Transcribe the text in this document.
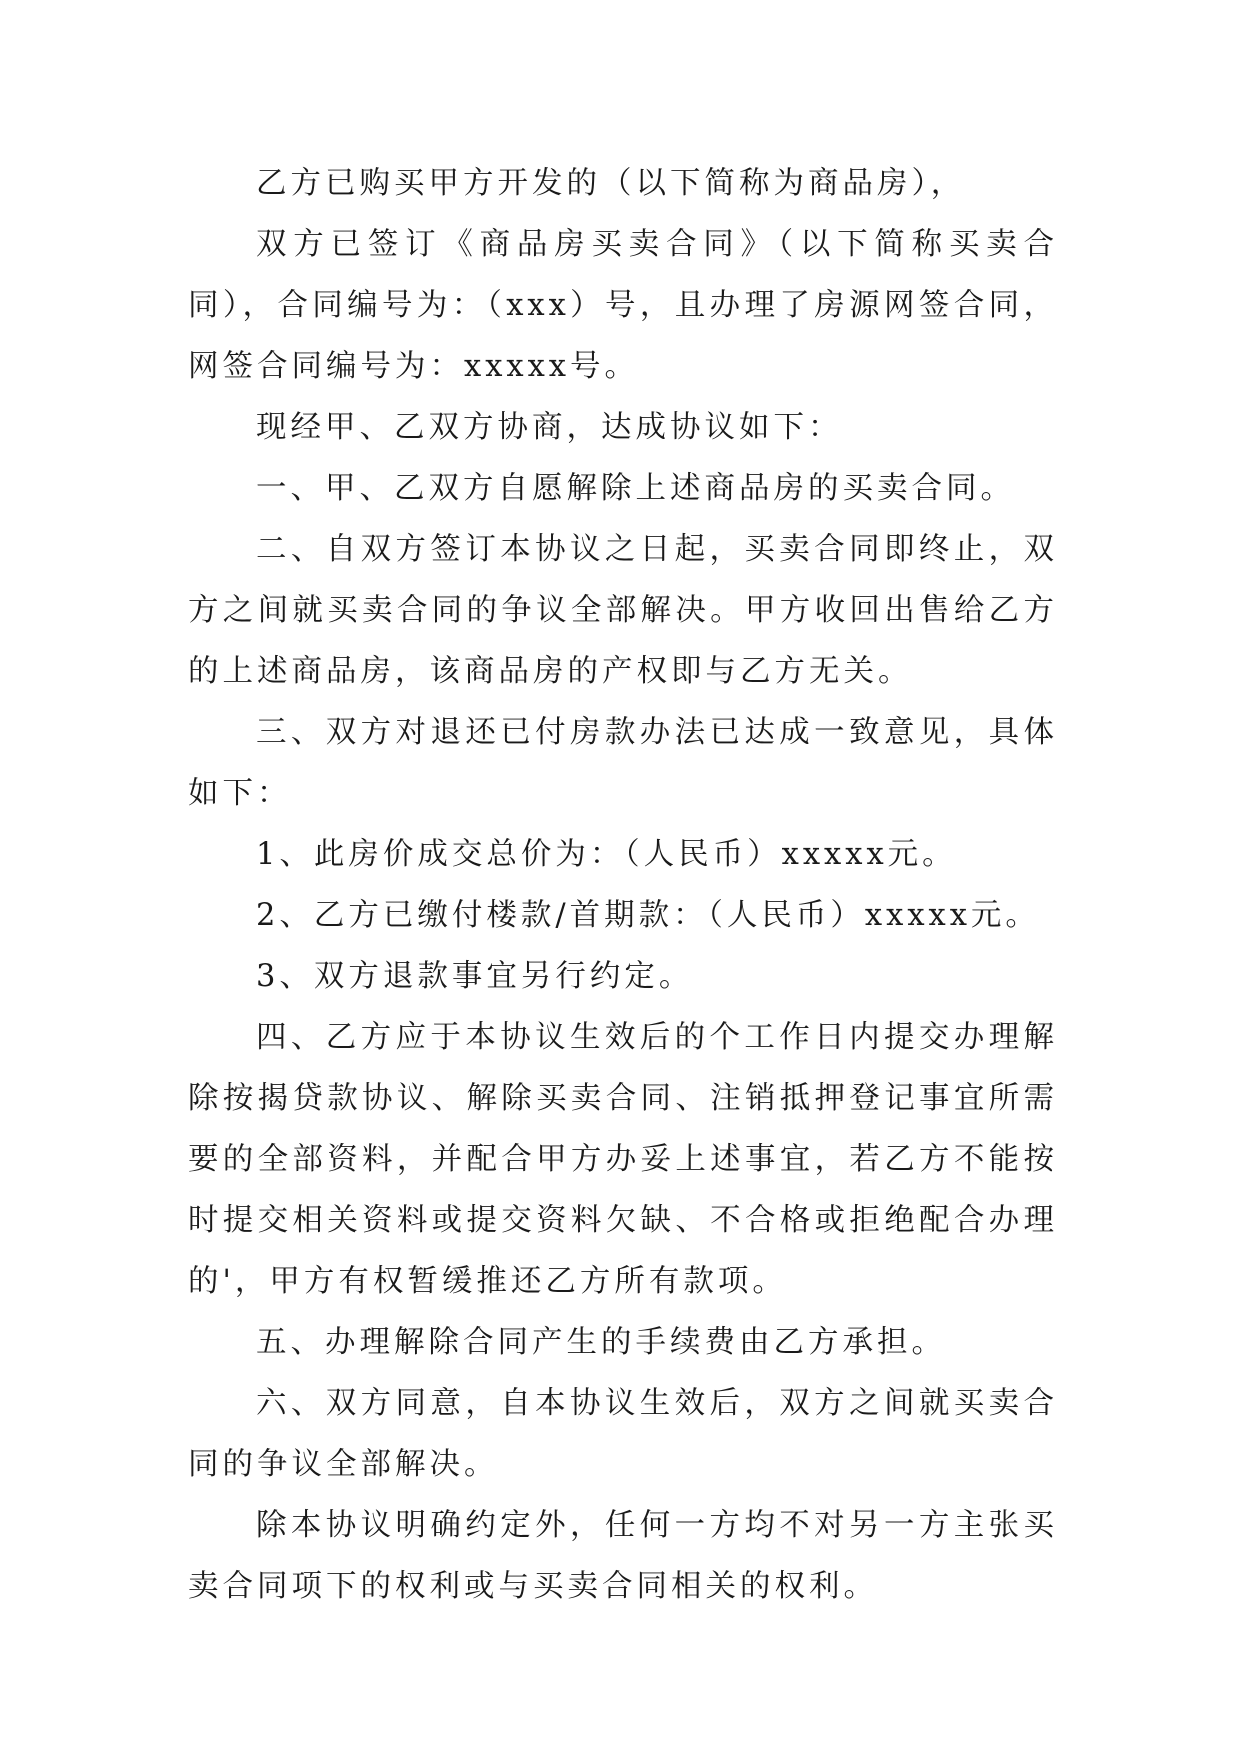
乙方已购买甲方开发的（以下简称为商品房），

双方已签订《商品房买卖合同》（以下简称买卖合同），合同编号为：（xxx）号，且办理了房源网签合同，网签合同编号为：xxxxx号。

现经甲、乙双方协商，达成协议如下：

一、甲、乙双方自愿解除上述商品房的买卖合同。

二、自双方签订本协议之日起，买卖合同即终止，双方之间就买卖合同的争议全部解决。甲方收回出售给乙方的上述商品房，该商品房的产权即与乙方无关。

三、双方对退还已付房款办法已达成一致意见，具体如下：

1、此房价成交总价为：（人民币）xxxxx元。

2、乙方已缴付楼款/首期款：（人民币）xxxxx元。

3、双方退款事宜另行约定。

四、乙方应于本协议生效后的个工作日内提交办理解除按揭贷款协议、解除买卖合同、注销抵押登记事宜所需要的全部资料，并配合甲方办妥上述事宜，若乙方不能按时提交相关资料或提交资料欠缺、不合格或拒绝配合办理的'，甲方有权暂缓推还乙方所有款项。

五、办理解除合同产生的手续费由乙方承担。

六、双方同意，自本协议生效后，双方之间就买卖合同的争议全部解决。

除本协议明确约定外，任何一方均不对另一方主张买卖合同项下的权利或与买卖合同相关的权利。
